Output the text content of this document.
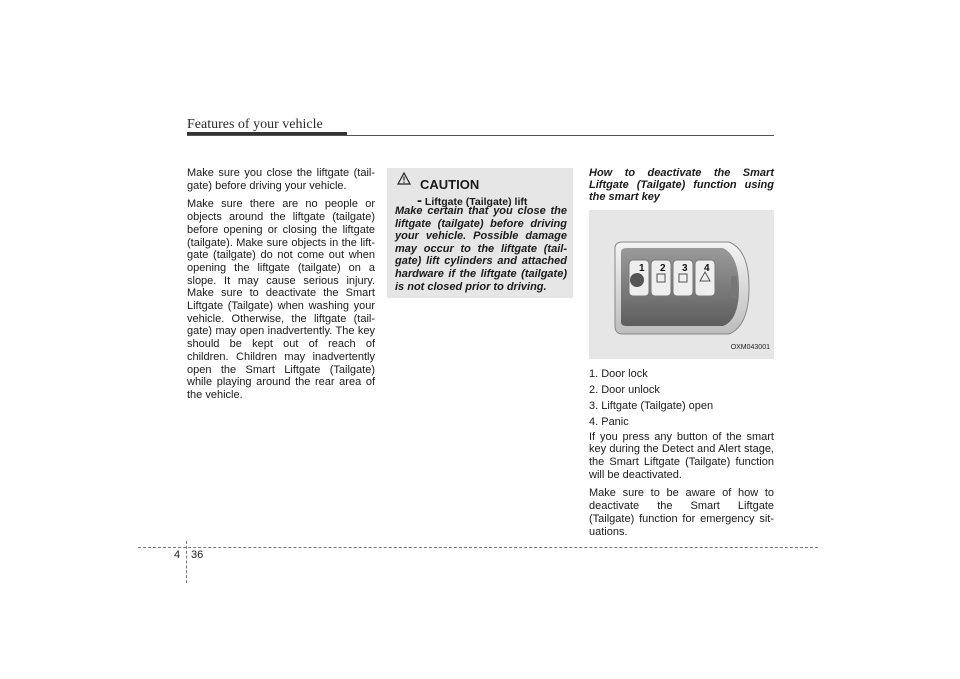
Features of your vehicle

Make sure you close the liftgate (tail-gate) before driving your vehicle.

Make sure there are no people or objects around the liftgate (tailgate) before opening or closing the liftgate (tailgate). Make sure objects in the lift-gate (tailgate) do not come out when opening the liftgate (tailgate) on a slope. It may cause serious injury. Make sure to deactivate the Smart Liftgate (Tailgate) when washing your vehicle. Otherwise, the liftgate (tail-gate) may open inadvertently. The key should be kept out of reach of children. Children may inadvertently open the Smart Liftgate (Tailgate) while playing around the rear area of the vehicle.

CAUTION
- Liftgate (Tailgate) lift
Make certain that you close the liftgate (tailgate) before driving your vehicle. Possible damage may occur to the liftgate (tail-gate) lift cylinders and attached hardware if the liftgate (tailgate) is not closed prior to driving.

How to deactivate the Smart Liftgate (Tailgate) function using the smart key

1 2 3 4
OXM043001
1. Door lock
2. Door unlock
3. Liftgate (Tailgate) open
4. Panic

If you press any button of the smart key during the Detect and Alert stage, the Smart Liftgate (Tailgate) function will be deactivated.

Make sure to be aware of how to deactivate the Smart Liftgate (Tailgate) function for emergency sit-uations.

4 36
